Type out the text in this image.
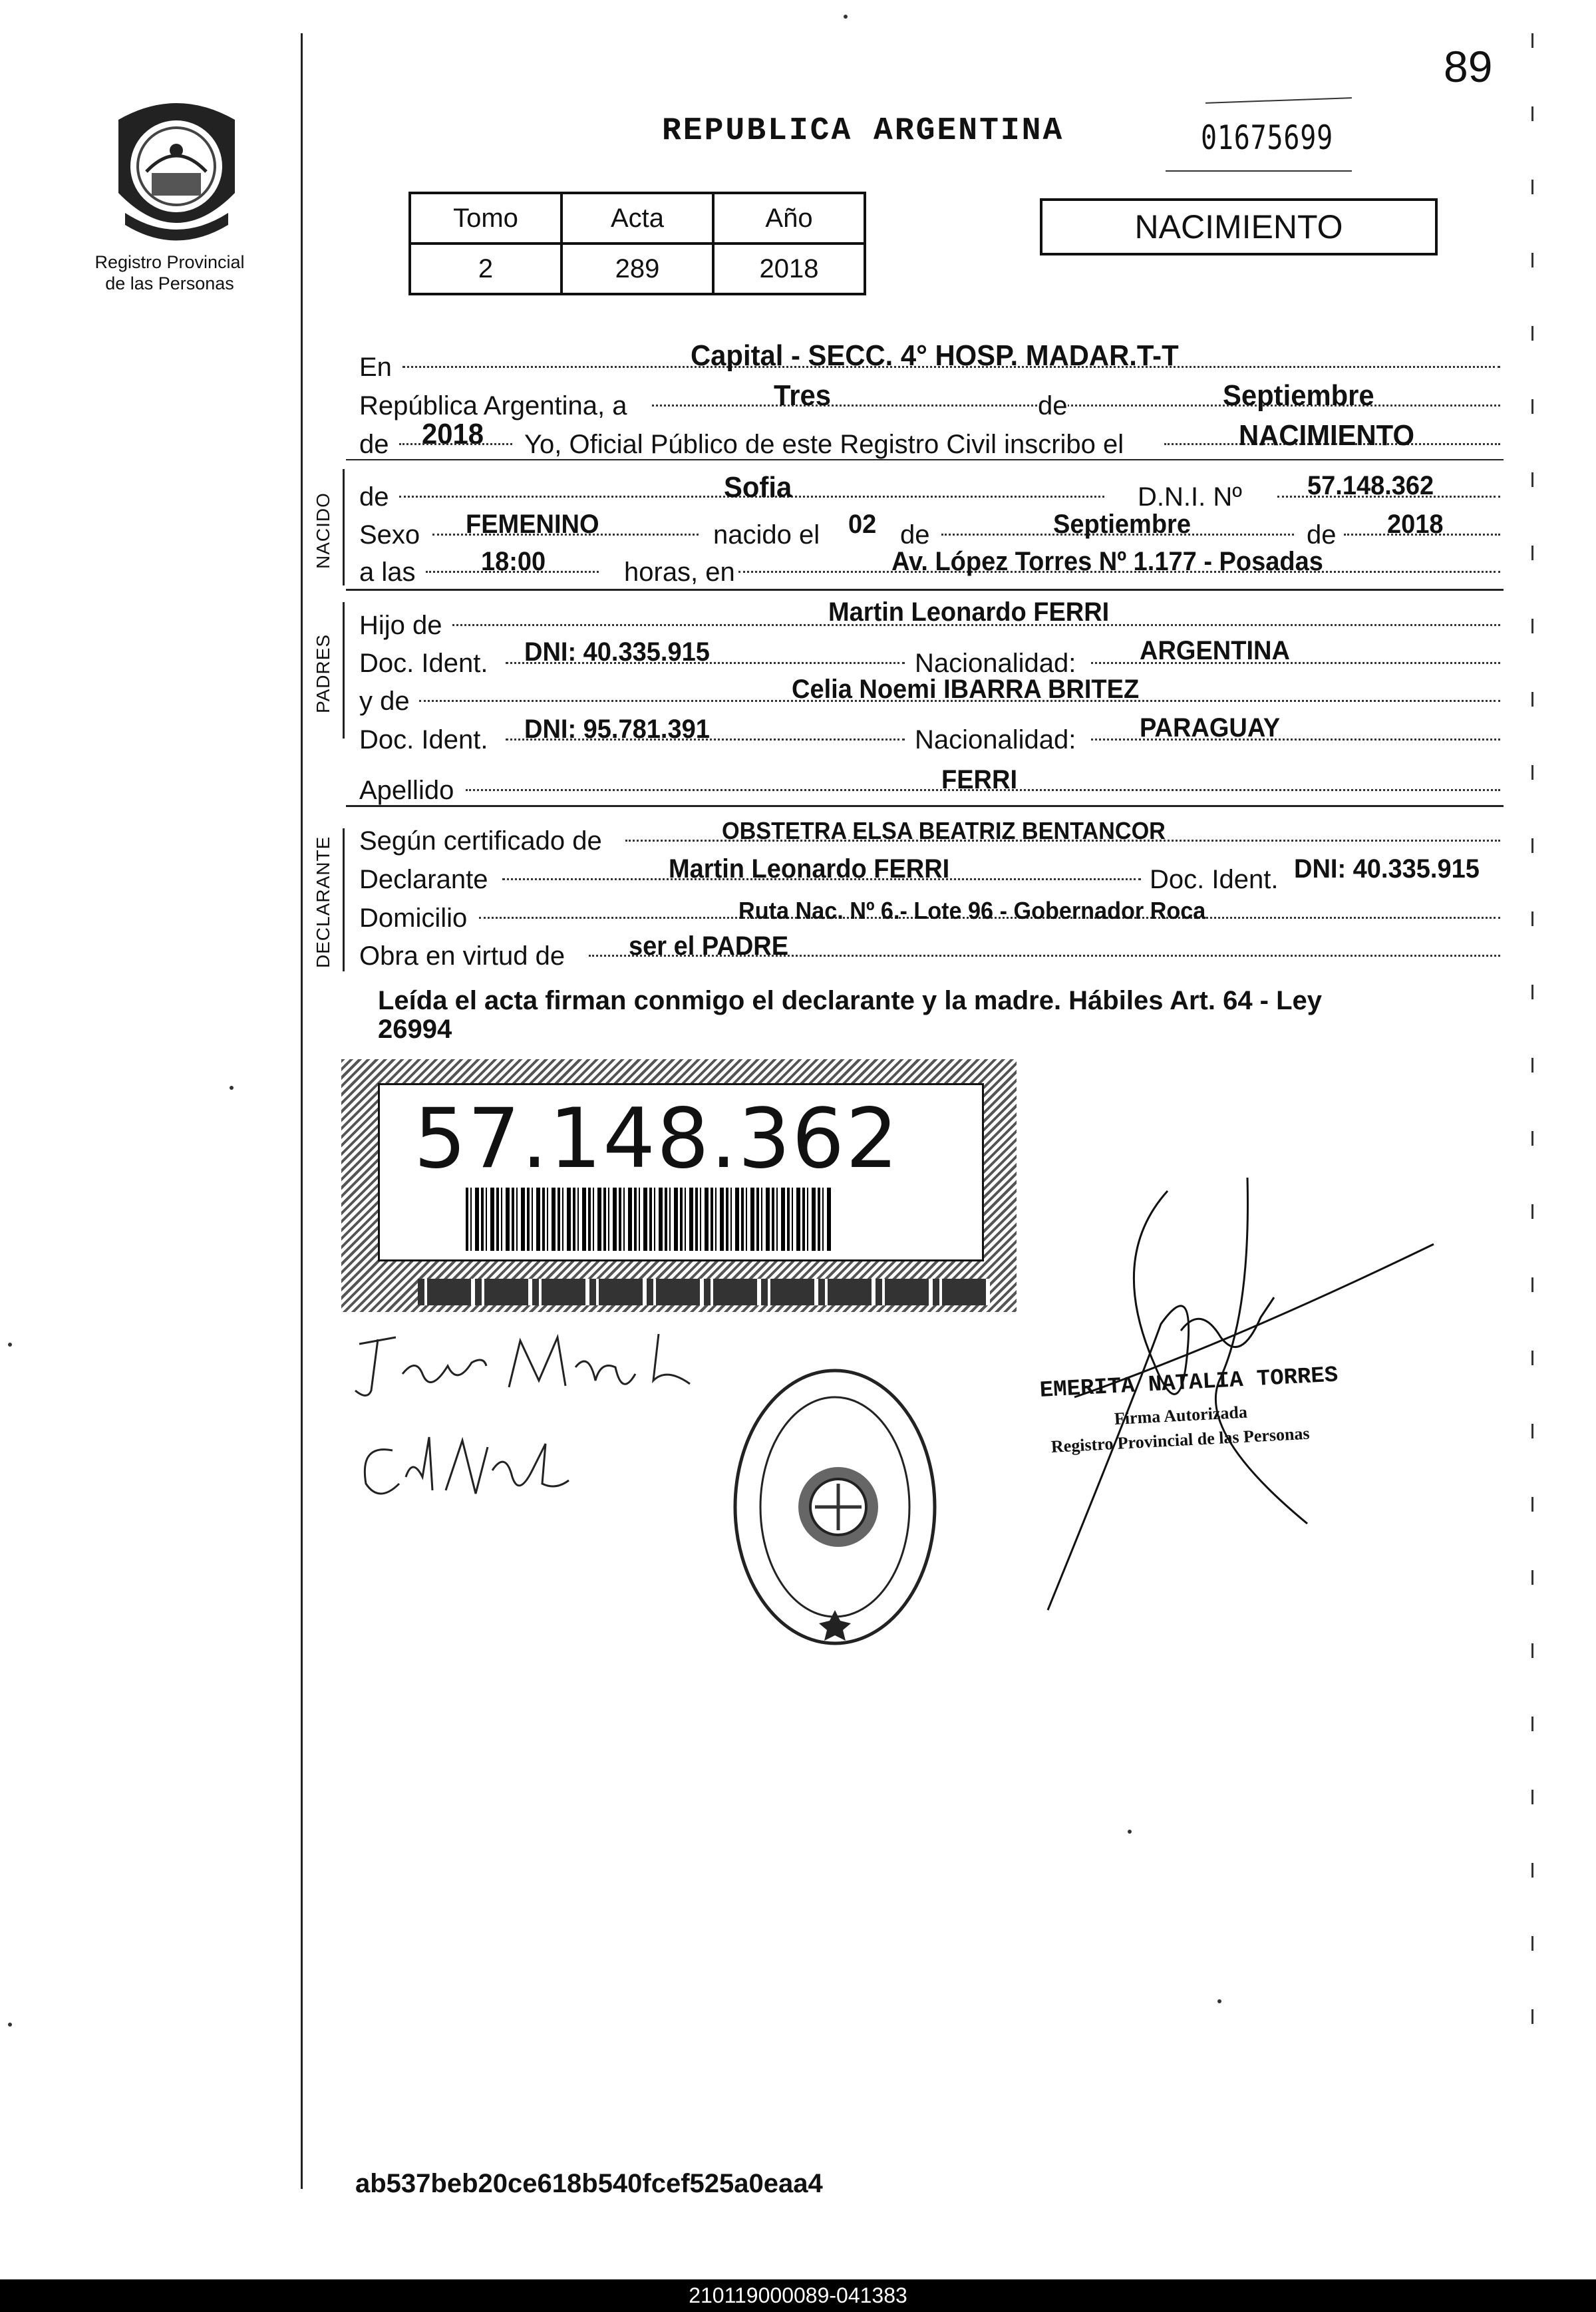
89
REPUBLICA ARGENTINA	01675699
Registro Provincial
de las Personas
Tomo	Acta	Año
2	289	2018
NACIMIENTO
En	Capital - SECC. 4° HOSP. MADAR.T-T
República Argentina, a	Tres	de	Septiembre
de 2018 Yo, Oficial Público de este Registro Civil inscribo el	NACIMIENTO
NACIDO de	Sofia	D.N.I. Nº 57.148.362
Sexo FEMENINO	nacido el 02 de	Septiembre	de 2018
a las 18:00	horas, en	Av. López Torres Nº 1.177 - Posadas
PADRES
Hijo de	Martin Leonardo FERRI
Doc. Ident. DNI: 40.335.915	Nacionalidad: ARGENTINA
y de	Celia Noemi IBARRA BRITEZ
Doc. Ident. DNI: 95.781.391	Nacionalidad: PARAGUAY
Apellido	FERRI
DECLARANTE Según certificado de	OBSTETRA ELSA BEATRIZ BENTANCOR
Declarante	Martin Leonardo FERRI	Doc. Ident. DNI: 40.335.915
Domicilio	Ruta Nac. Nº 6.- Lote 96 - Gobernador Roca
Obra en virtud de ser el PADRE
Leída el acta firman conmigo el declarante y la madre. Hábiles Art. 64 - Ley
26994
57.148.362
EMERITA NATALIA TORRES
Firma Autorizada
Registro Provincial de las Personas
ab537beb20ce618b540fcef525a0eaa4
210119000089-041383
